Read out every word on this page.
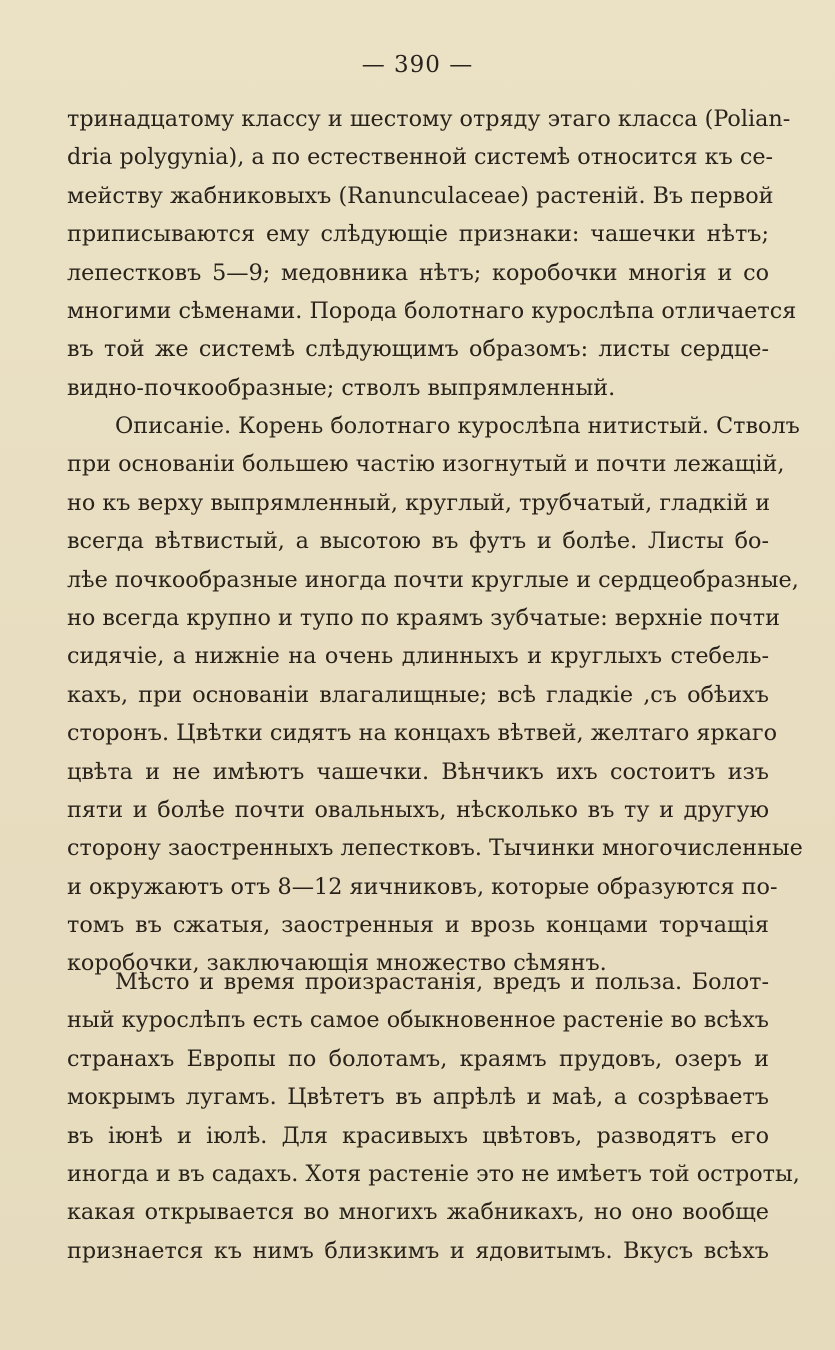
— 390 —
тринадцатому классу и шестому отряду этаго класса (Polian-
dria polygynia), а по естественной системѣ относится къ се-
мейству жабниковыхъ (Ranunculaceae) растеній. Въ первой
приписываются ему слѣдующіе признаки: чашечки нѣтъ;
лепестковъ 5—9; медовника нѣтъ; коробочки многія и со
многими сѣменами. Порода болотнаго курослѣпа отличается
въ той же системѣ слѣдующимъ образомъ: листы сердце-
видно-почкообразные; стволъ выпрямленный.
Описаніе. Корень болотнаго курослѣпа нитистый. Стволъ
при основаніи большею частію изогнутый и почти лежащій,
но къ верху выпрямленный, круглый, трубчатый, гладкій и
всегда вѣтвистый, а высотою въ футъ и болѣе. Листы бо-
лѣе почкообразные иногда почти круглые и сердцеобразные,
но всегда крупно и тупо по краямъ зубчатые: верхніе почти
сидячіе, а нижніе на очень длинныхъ и круглыхъ стебель-
кахъ, при основаніи влагалищные; всѣ гладкіе ,съ обѣихъ
сторонъ. Цвѣтки сидятъ на концахъ вѣтвей, желтаго яркаго
цвѣта и не имѣютъ чашечки. Вѣнчикъ ихъ состоитъ изъ
пяти и болѣе почти овальныхъ, нѣсколько въ ту и другую
сторону заостренныхъ лепестковъ. Тычинки многочисленные
и окружаютъ отъ 8—12 яичниковъ, которые образуются по-
томъ въ сжатыя, заостренныя и врозь концами торчащія
коробочки, заключающія множество сѣмянъ.
Мѣсто и время произрастанія, вредъ и польза. Болот-
ный курослѣпъ есть самое обыкновенное растеніе во всѣхъ
странахъ Европы по болотамъ, краямъ прудовъ, озеръ и
мокрымъ лугамъ. Цвѣтетъ въ апрѣлѣ и маѣ, а созрѣваетъ
въ іюнѣ и іюлѣ. Для красивыхъ цвѣтовъ, разводятъ его
иногда и въ садахъ. Хотя растеніе это не имѣетъ той остроты,
какая открывается во многихъ жабникахъ, но оно вообще
признается къ нимъ близкимъ и ядовитымъ. Вкусъ всѣхъ
